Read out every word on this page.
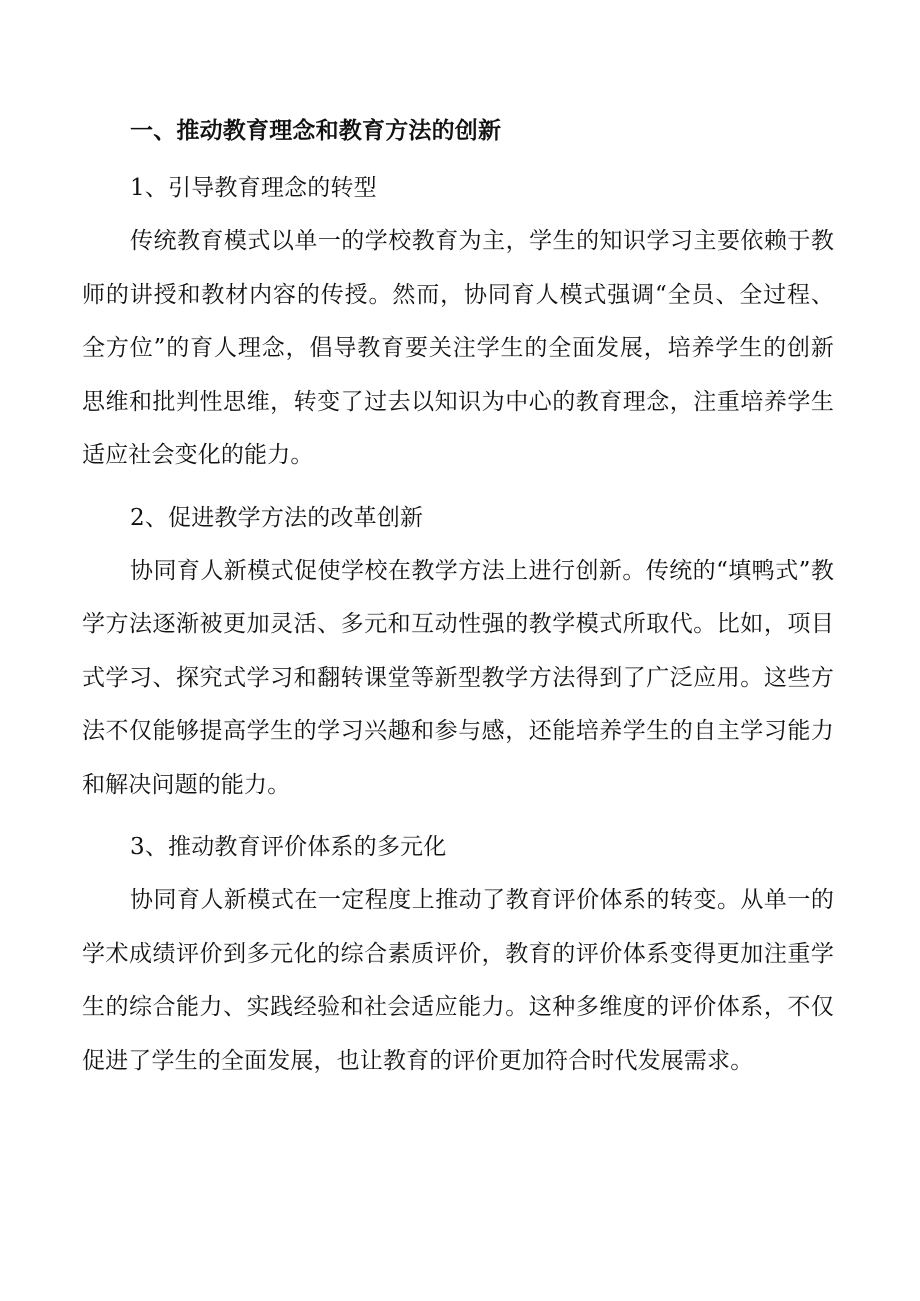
一、推动教育理念和教育方法的创新
1、引导教育理念的转型

传统教育模式以单一的学校教育为主，学生的知识学习主要依赖于教师的讲授和教材内容的传授。然而，协同育人模式强调“全员、全过程、全方位”的育人理念，倡导教育要关注学生的全面发展，培养学生的创新思维和批判性思维，转变了过去以知识为中心的教育理念，注重培养学生适应社会变化的能力。

2、促进教学方法的改革创新

协同育人新模式促使学校在教学方法上进行创新。传统的“填鸭式”教学方法逐渐被更加灵活、多元和互动性强的教学模式所取代。比如，项目式学习、探究式学习和翻转课堂等新型教学方法得到了广泛应用。这些方法不仅能够提高学生的学习兴趣和参与感，还能培养学生的自主学习能力和解决问题的能力。

3、推动教育评价体系的多元化

协同育人新模式在一定程度上推动了教育评价体系的转变。从单一的学术成绩评价到多元化的综合素质评价，教育的评价体系变得更加注重学生的综合能力、实践经验和社会适应能力。这种多维度的评价体系，不仅促进了学生的全面发展，也让教育的评价更加符合时代发展需求。
